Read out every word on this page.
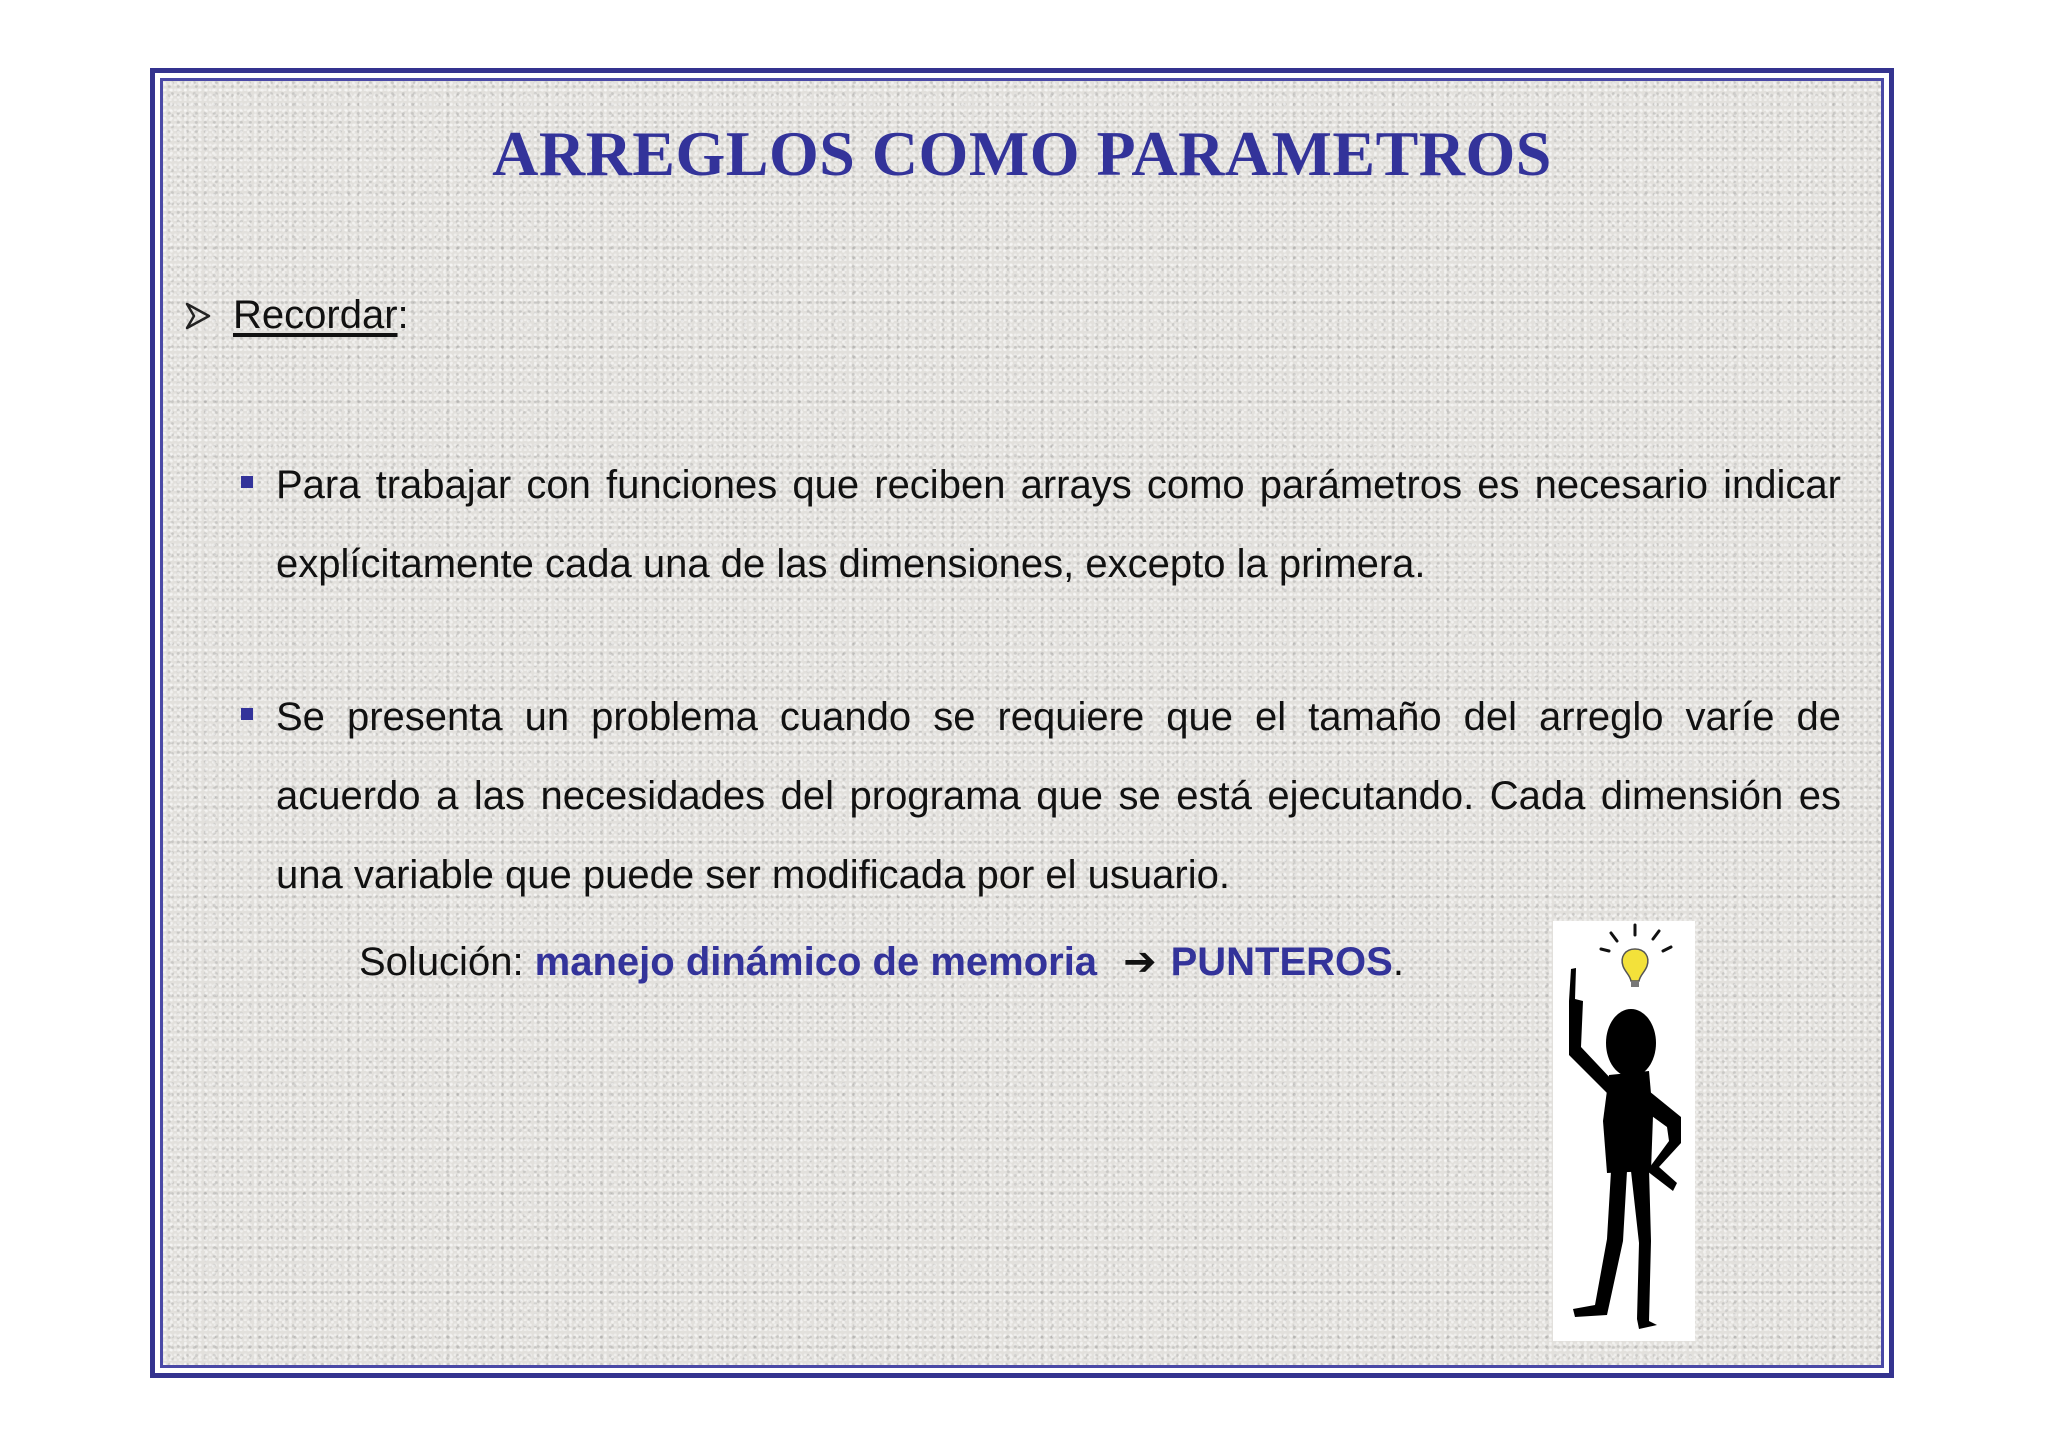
ARREGLOS COMO PARAMETROS
Recordar :
Para trabajar con funciones que reciben arrays como parámetros es necesario indicar explícitamente cada una de las dimensiones, excepto la primera.
Se presenta un problema cuando se requiere que el tamaño del arreglo varíe de acuerdo a las necesidades del programa que se está ejecutando. Cada dimensión es una variable que puede ser modificada por el usuario.
Solución: manejo dinámico de memoria ➔ PUNTEROS.
